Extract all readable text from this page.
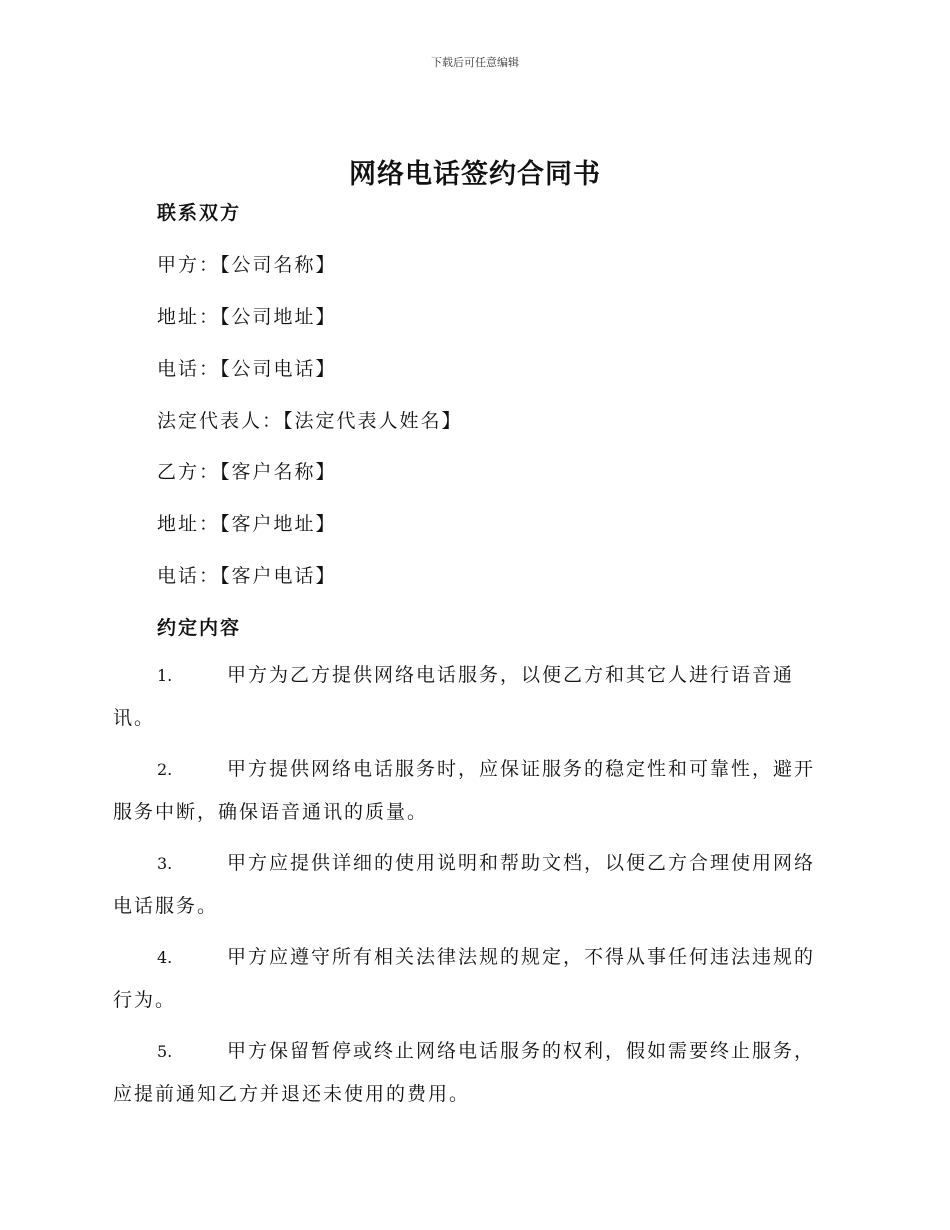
下载后可任意编辑
网络电话签约合同书
联系双方
甲方：【公司名称】
地址：【公司地址】
电话：【公司电话】
法定代表人：【法定代表人姓名】
乙方：【客户名称】
地址：【客户地址】
电话：【客户电话】
约定内容
1.	甲方为乙方提供网络电话服务，以便乙方和其它人进行语音通
讯。
2.	甲方提供网络电话服务时，应保证服务的稳定性和可靠性，避开
服务中断，确保语音通讯的质量。
3.	甲方应提供详细的使用说明和帮助文档，以便乙方合理使用网络
电话服务。
4.	甲方应遵守所有相关法律法规的规定，不得从事任何违法违规的
行为。
5.	甲方保留暂停或终止网络电话服务的权利，假如需要终止服务，
应提前通知乙方并退还未使用的费用。
